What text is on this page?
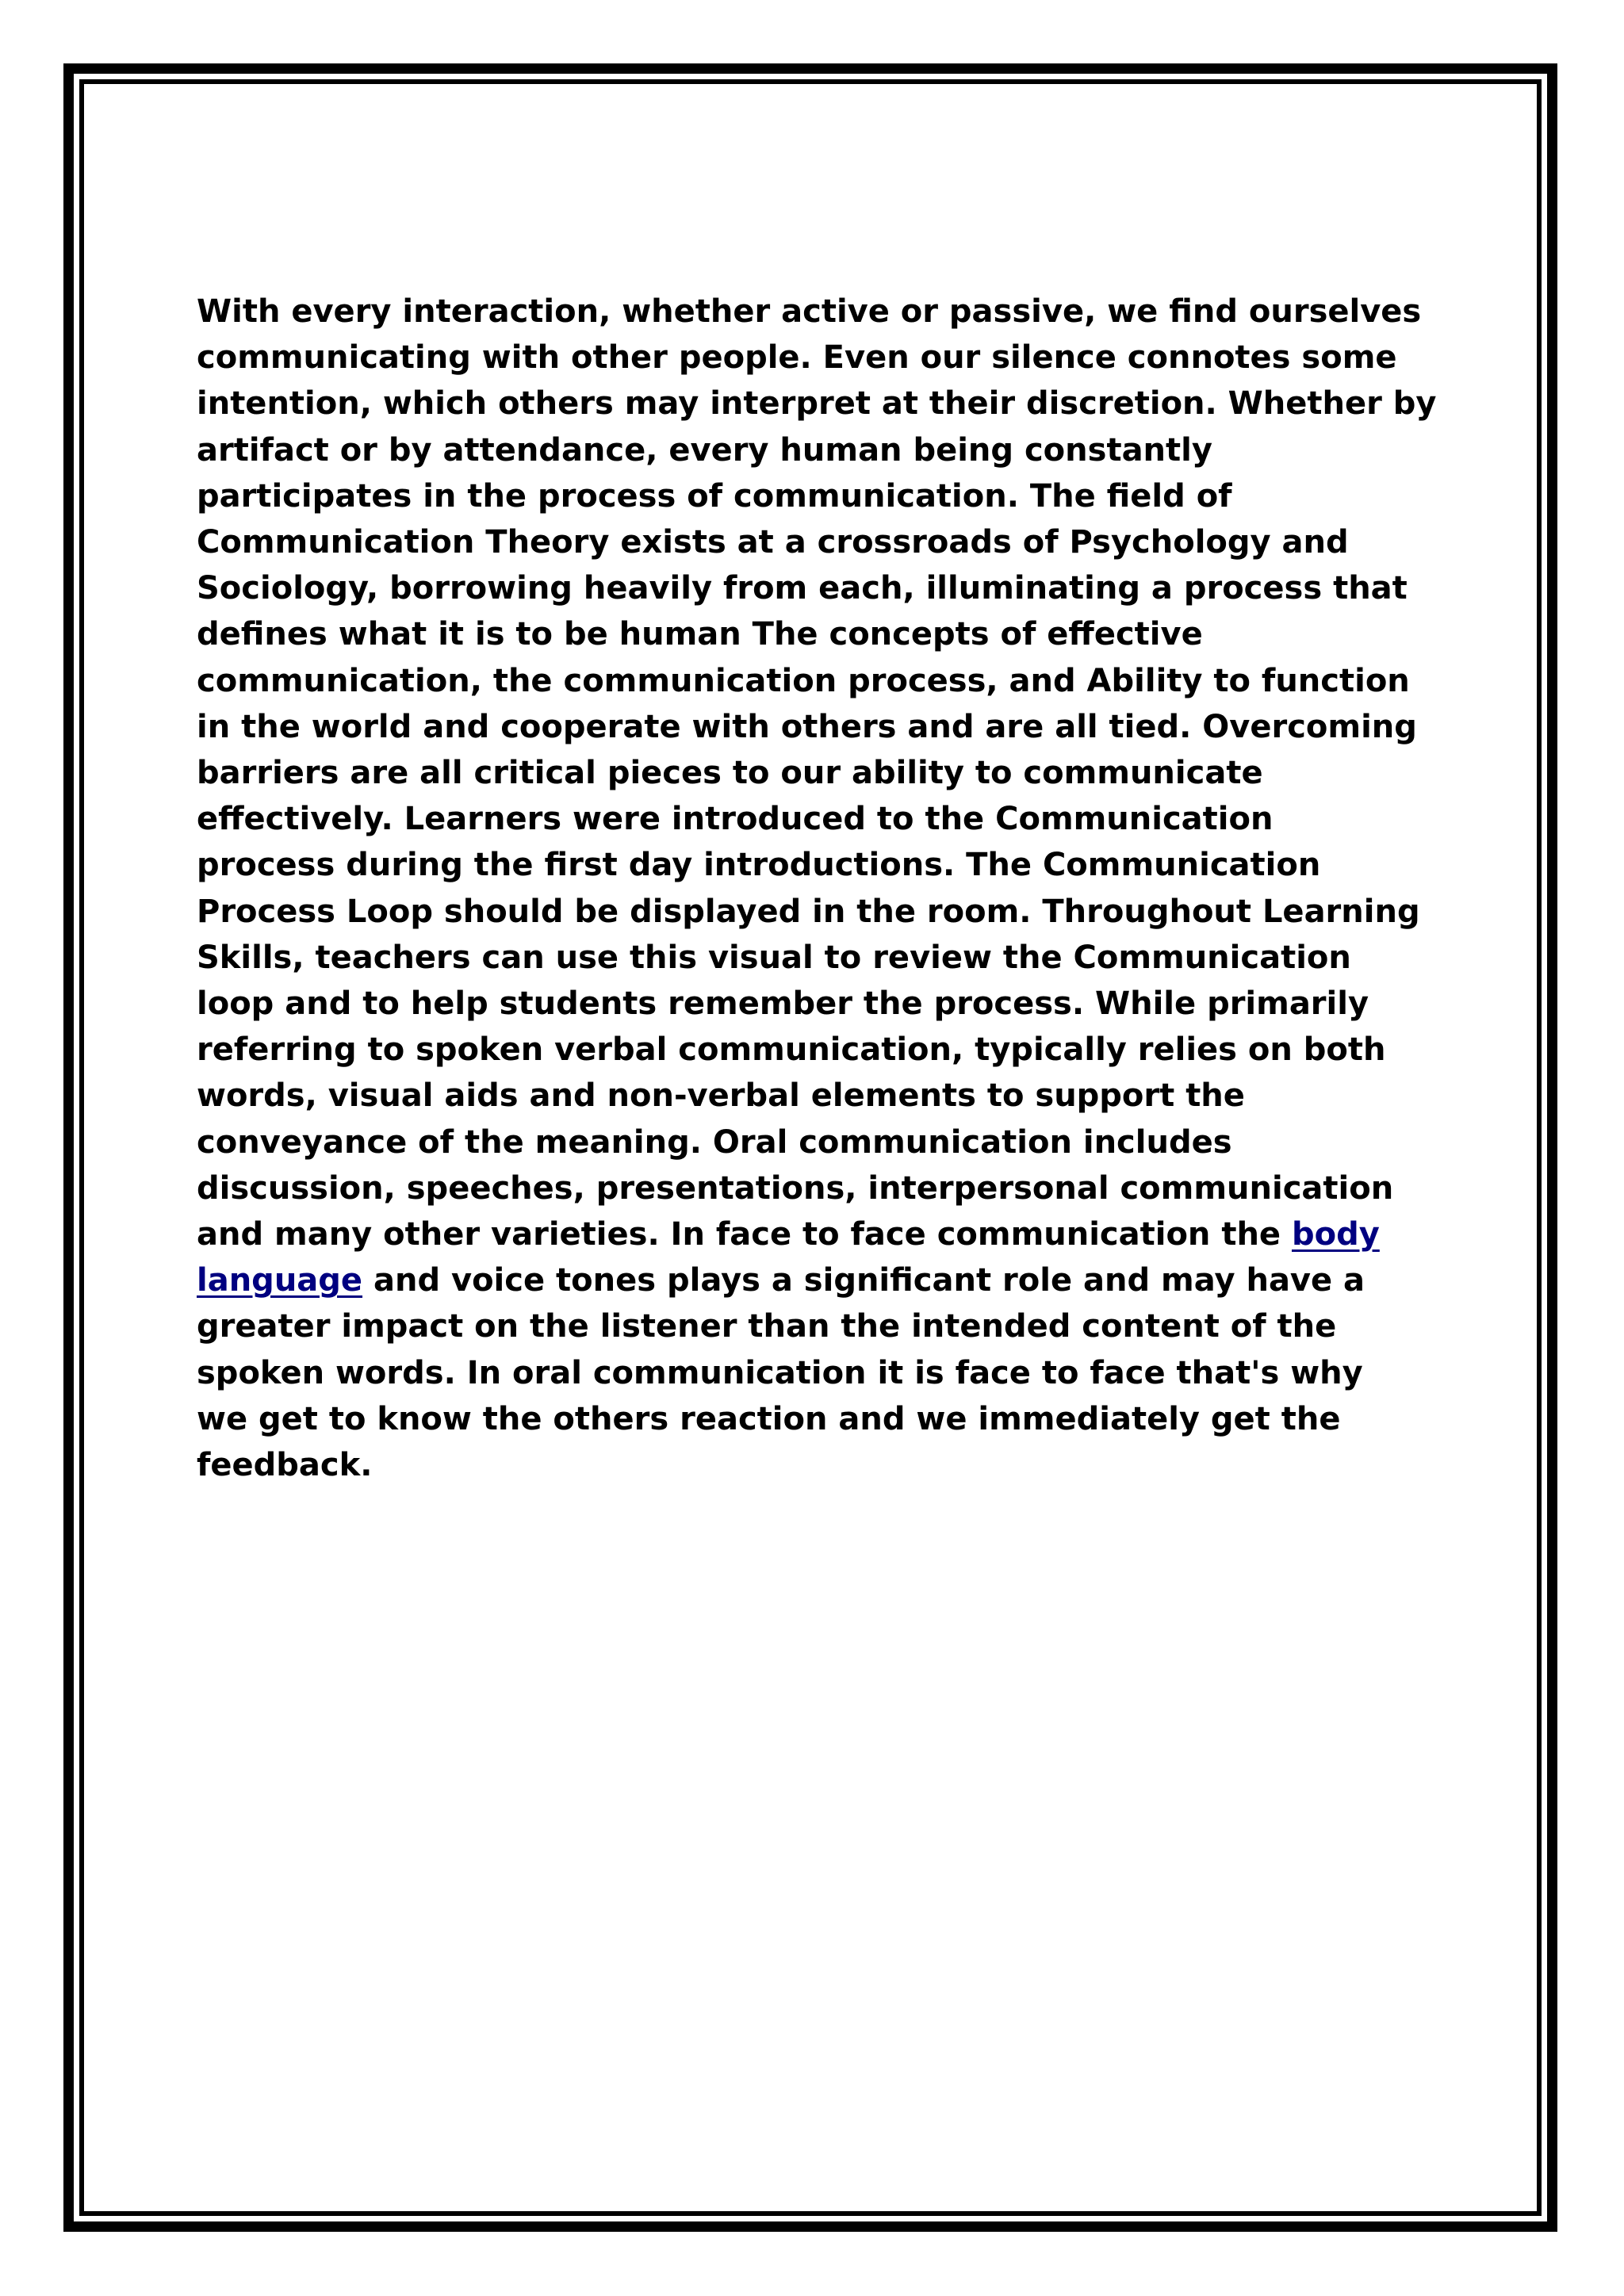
With every interaction, whether active or passive, we find ourselves
communicating with other people. Even our silence connotes some
intention, which others may interpret at their discretion. Whether by
artifact or by attendance, every human being constantly
participates in the process of communication. The field of
Communication Theory exists at a crossroads of Psychology and
Sociology, borrowing heavily from each, illuminating a process that
defines what it is to be human The concepts of effective
communication, the communication process, and Ability to function
in the world and cooperate with others and are all tied. Overcoming
barriers are all critical pieces to our ability to communicate
effectively. Learners were introduced to the Communication
process during the first day introductions. The Communication
Process Loop should be displayed in the room. Throughout Learning
Skills, teachers can use this visual to review the Communication
loop and to help students remember the process. While primarily
referring to spoken verbal communication, typically relies on both
words, visual aids and non-verbal elements to support the
conveyance of the meaning. Oral communication includes
discussion, speeches, presentations, interpersonal communication
and many other varieties. In face to face communication the body
language and voice tones plays a significant role and may have a
greater impact on the listener than the intended content of the
spoken words. In oral communication it is face to face that's why
we get to know the others reaction and we immediately get the
feedback.
